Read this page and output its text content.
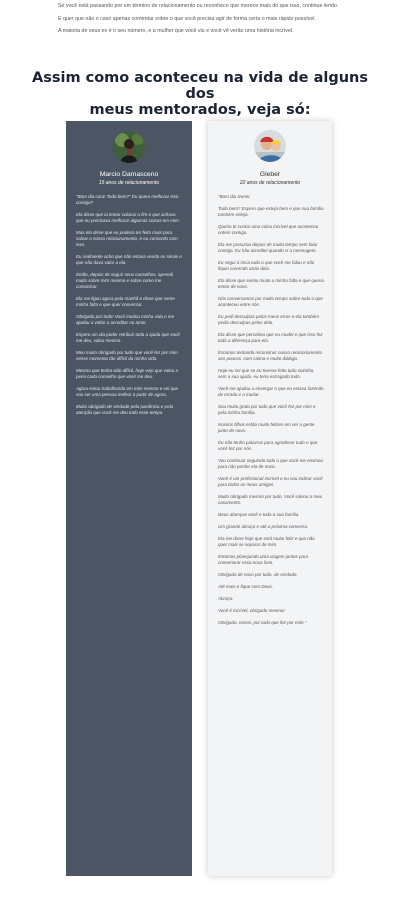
Se você está passando por um término de relacionamento ou reconhece que merece mais do que isso, continue lendo.

E quer que não o caso apenas comentar sobre o que você precisa agir de forma certa o mais rápido possível.

A maioria de seus ex é o seu número, e a mulher que você viu e você vê verão uma história incrível.

Assim como aconteceu na vida de alguns dos
meus mentorados, veja só:
Marcio Damasceno
15 anos de relacionamento

"Bom dia cara! Tudo bem?" Eu quero melhorar isso comigo?

Ela disse que ia tentar colocar o fim e que achava que eu precisava melhorar algumas coisas em mim.

Mas ela disse que eu poderia ter feito mais para salvar o nosso relacionamento, e eu concordo com isso.

Eu realmente acho que não estava vendo os sinais e que não dava valor a ela.

Então, depois de seguir seus conselhos, aprendi muito sobre mim mesmo e sobre como me comunicar.

Ela me ligou agora pela manhã e disse que sente minha falta e que quer conversar.

Obrigado por tudo! Você mudou minha vida e me ajudou a voltar a acreditar no amor.

Espero um dia poder retribuir toda a ajuda que você me deu, valeu mesmo.

Meu muito obrigado por tudo que você fez por mim nesse momento tão difícil da minha vida.

Mesmo que tenha sido difícil, hoje vejo que valeu a pena cada conselho que você me deu.

Agora estou trabalhando em mim mesmo e sei que vou ser uma pessoa melhor a partir de agora.

Muito obrigado de verdade pela paciência e pela atenção que você me deu todo esse tempo.

Gleber
22 anos de relacionamento

"Bom dia Ivonei.

Tudo bem? Espero que esteja bem e que sua família também esteja.

Queria te contar uma coisa incrível que aconteceu ontem comigo.

Ela me procurou depois de muito tempo sem falar comigo. Eu não acreditei quando vi a mensagem.

Eu segui à risca tudo o que você me falou e não fiquei correndo atrás dela.

Ela disse que sentia muito a minha falta e que queria tentar de novo.

Nós conversamos por muito tempo sobre tudo o que aconteceu entre nós.

Eu pedi desculpas pelos meus erros e ela também pediu desculpas pelos dela.

Ela disse que percebeu que eu mudei e que isso fez toda a diferença para ela.

Estamos tentando reconstruir nosso relacionamento aos poucos, com calma e muito diálogo.

Hoje eu sei que se eu tivesse feito tudo sozinho, sem a sua ajuda, eu teria estragado tudo.

Você me ajudou a enxergar o que eu estava fazendo de errado e a mudar.

Sou muito grato por tudo que você fez por mim e pela minha família.

Nossos filhos estão muito felizes em ver a gente junto de novo.

Eu não tenho palavras para agradecer tudo o que você fez por nós.

Vou continuar seguindo tudo o que você me ensinou para não perder ela de novo.

Você é um profissional incrível e eu vou indicar você para todos os meus amigos.

Muito obrigado mesmo por tudo. Você salvou o meu casamento.

Deus abençoe você e toda a sua família.

Um grande abraço e até a próxima conversa.

Ela me disse hoje que está muito feliz e que não quer mais se separar de mim.

Estamos planejando uma viagem juntos para comemorar essa nova fase.

Obrigado de novo por tudo, de verdade.

Até mais e fique com Deus.

Abraço.

Você é incrível, obrigado mesmo!

Obrigado, Ivonei, por tudo que fez por mim."
